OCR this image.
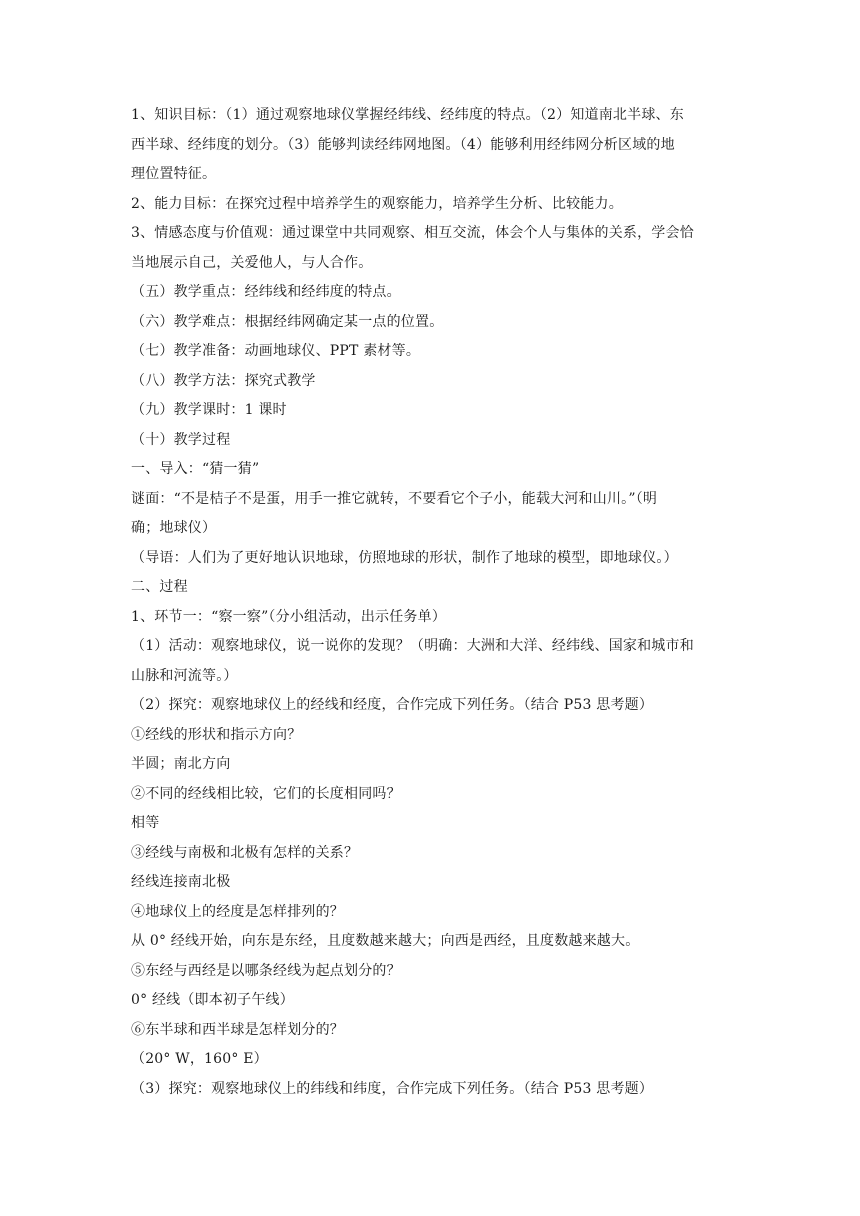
1、知识目标：（1）通过观察地球仪掌握经纬线、经纬度的特点。（2）知道南北半球、东

西半球、经纬度的划分。（3）能够判读经纬网地图。（4）能够利用经纬网分析区域的地

理位置特征。

2、能力目标：在探究过程中培养学生的观察能力，培养学生分析、比较能力。

3、情感态度与价值观：通过课堂中共同观察、相互交流，体会个人与集体的关系，学会恰

当地展示自己，关爱他人，与人合作。

（五）教学重点：经纬线和经纬度的特点。

（六）教学难点：根据经纬网确定某一点的位置。

（七）教学准备：动画地球仪、PPT 素材等。

（八）教学方法：探究式教学

（九）教学课时：1 课时

（十）教学过程

一、导入：“猜一猜”

谜面：“不是桔子不是蛋，用手一推它就转，不要看它个子小，能载大河和山川。”（明

确；地球仪）

（导语：人们为了更好地认识地球，仿照地球的形状，制作了地球的模型，即地球仪。）

二、过程

1、环节一：“察一察”（分小组活动，出示任务单）

（1）活动：观察地球仪，说一说你的发现？（明确：大洲和大洋、经纬线、国家和城市和

山脉和河流等。）

（2）探究：观察地球仪上的经线和经度，合作完成下列任务。（结合 P53 思考题）

①经线的形状和指示方向？

半圆；南北方向

②不同的经线相比较，它们的长度相同吗？

相等

③经线与南极和北极有怎样的关系？

经线连接南北极

④地球仪上的经度是怎样排列的？

从 0° 经线开始，向东是东经，且度数越来越大；向西是西经，且度数越来越大。

⑤东经与西经是以哪条经线为起点划分的？

0° 经线（即本初子午线）

⑥东半球和西半球是怎样划分的？

（20° W，160° E）

（3）探究：观察地球仪上的纬线和纬度，合作完成下列任务。（结合 P53 思考题）
